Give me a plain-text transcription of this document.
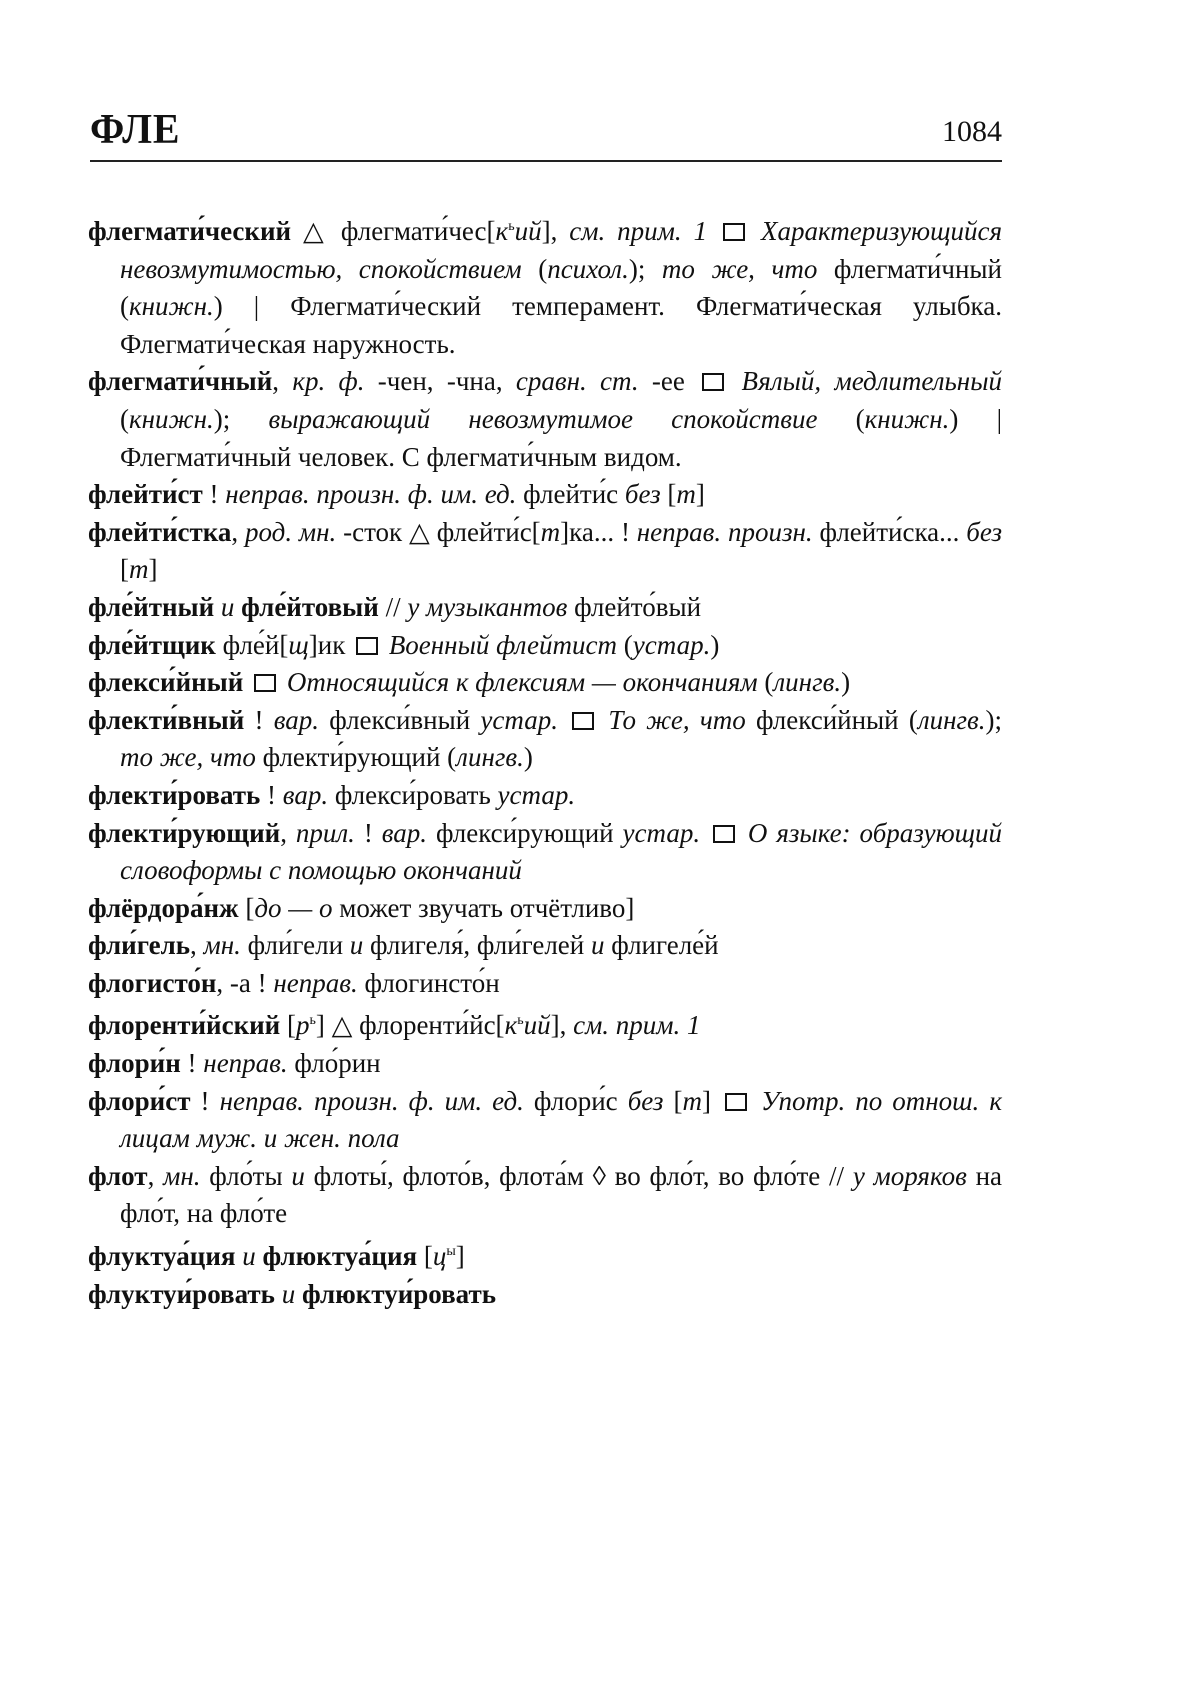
ФЛЕ	1084

флегмати́ческий △ $флегмати́чес[к^ьий]$, см. прим. 1  Характеризующийся невозмутимостью, спокойствием (психол.); то же, что флегмати́чный (книжн.) | Флегмати́ческий темперамент. Флегмати́ческая улыбка. Флегмати́ческая наружность.

флегмати́чный, кр. ф. -чен, -чна, сравн. ст. -ее  Вялый, медлительный (книжн.); выражающий невозмутимое спокойствие (книжн.) | Флегмати́чный человек. С флегмати́чным видом.

флейти́ст ! неправ. произн. ф. им. ед. флейти́с без [т]

флейти́стка, род. мн. -сток △ флейти́с[т]ка... ! неправ. произн. флейти́ска... без [т]

фле́йтный и фле́йтовый // у музыкантов флейто́вый

фле́йтщик фле́й[щ]ик  Военный флейтист (устар.)

флекси́йный  Относящийся к флексиям — окончаниям (лингв.)

флекти́вный ! вар. флекси́вный устар.  То же, что флекси́йный (лингв.); то же, что флекти́рующий (лингв.)

флекти́ровать ! вар. флекси́ровать устар.

флекти́рующий, прил. ! вар. флекси́рующий устар.  О языке: образующий словоформы с помощью окончаний

флёрдора́нж [до — о может звучать отчётливо]

фли́гель, мн. фли́гели и флигеля́, фли́гелей и флигеле́й

флогисто́н, -а ! неправ. флогинсто́н

флоренти́йский $[р^ь]$ △ $флоренти́йс[к^ьий]$, см. прим. 1

флори́н ! неправ. фло́рин

флори́ст ! неправ. произн. ф. им. ед. флори́с без [т]  Употр. по отнош. к лицам муж. и жен. пола

флот, мн. фло́ты и флоты́, флото́в, флота́м ◊ во фло́т, во фло́те // у моряков на фло́т, на фло́те

флуктуа́ция и флюктуа́ция $[ц^ы]$

флуктуи́ровать и флюктуи́ровать
